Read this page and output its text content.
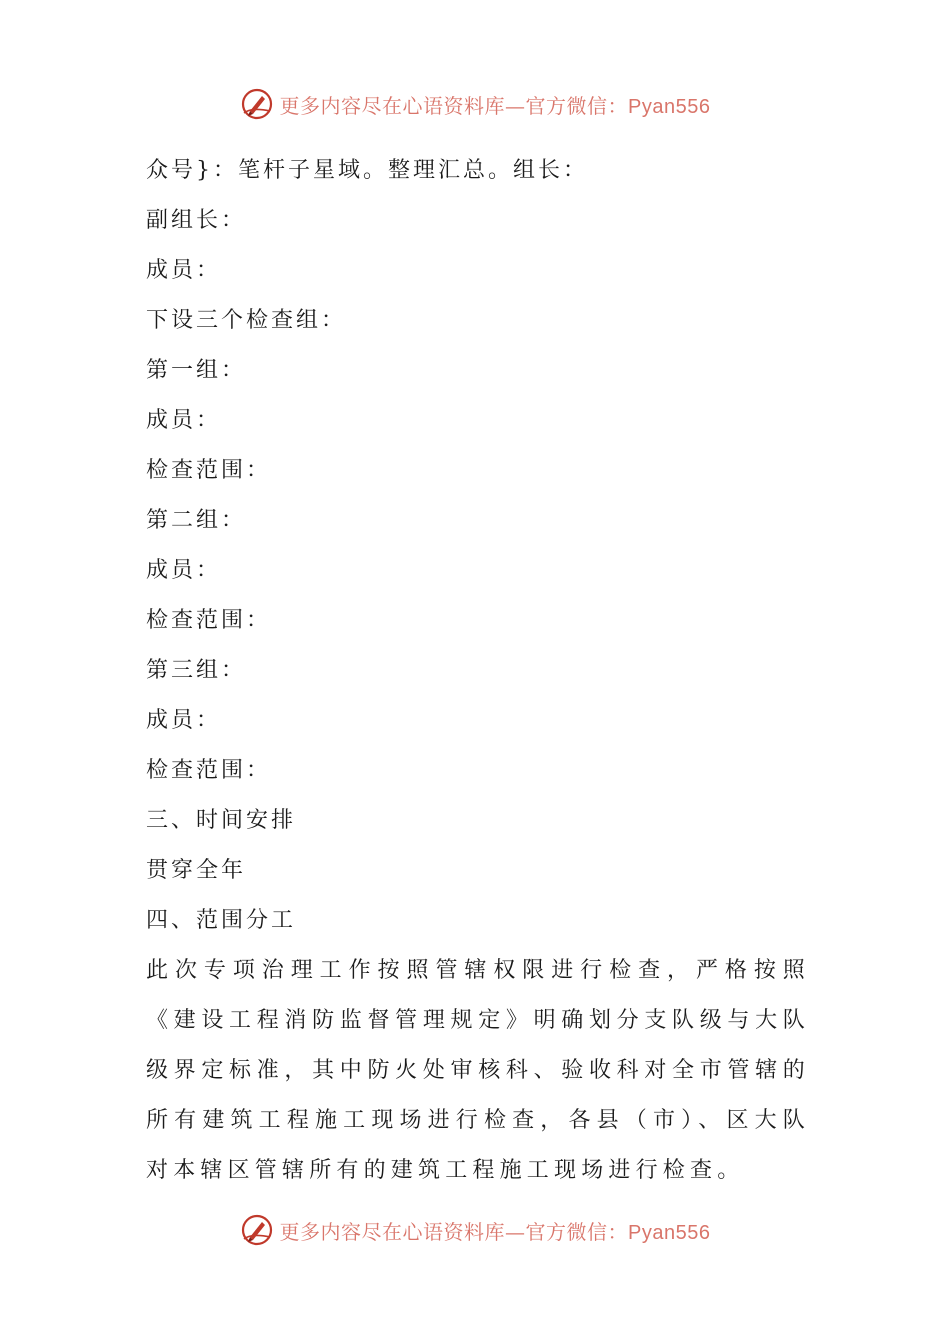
更多内容尽在心语资料库—官方微信：Pyan556
众号}：笔杆子星域。整理汇总。组长：
副组长：
成员：
下设三个检查组：
第一组：
成员：
检查范围：
第二组：
成员：
检查范围：
第三组：
成员：
检查范围：
三、时间安排
贯穿全年
四、范围分工

此次专项治理工作按照管辖权限进行检查，严格按照《建设工程消防监督管理规定》明确划分支队级与大队级界定标准，其中防火处审核科、验收科对全市管辖的所有建筑工程施工现场进行检查，各县（市）、区大队对本辖区管辖所有的建筑工程施工现场进行检查。

更多内容尽在心语资料库—官方微信：Pyan556
